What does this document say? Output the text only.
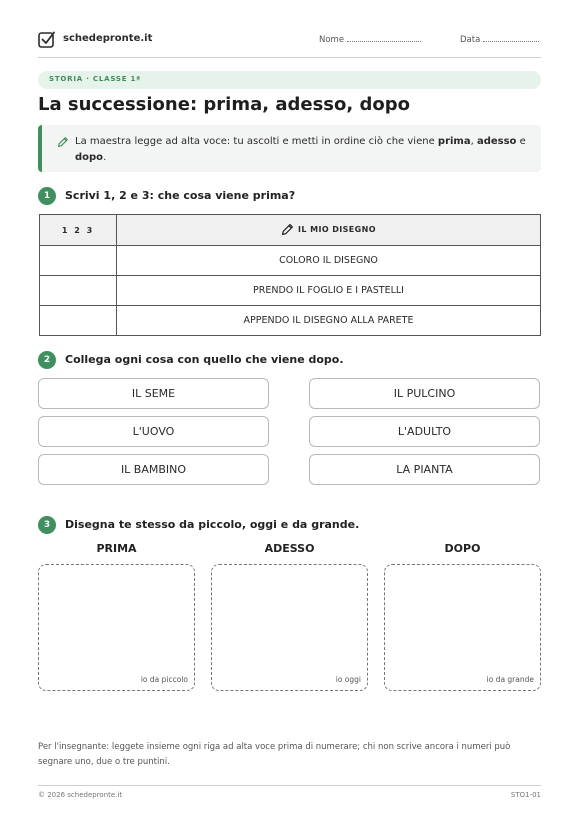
schedepronte.it	Nome	Data
STORIA · CLASSE 1ª
La successione: prima, adesso, dopo

La maestra legge ad alta voce: tu ascolti e metti in ordine ciò che viene prima, adesso e dopo.

1	Scrivi 1, 2 e 3: che cosa viene prima?
1 2 3	IL MIO DISEGNO

	COLORO IL DISEGNO
	PRENDO IL FOGLIO E I PASTELLI
	APPENDO IL DISEGNO ALLA PARETE
2	Collega ogni cosa con quello che viene dopo.
IL SEME
L'UOVO
IL BAMBINO
IL PULCINO
L'ADULTO
LA PIANTA
3	Disegna te stesso da piccolo, oggi e da grande.
PRIMA	ADESSO	DOPO
io da piccolo	io oggi	io da grande
Per l'insegnante: leggete insieme ogni riga ad alta voce prima di numerare; chi non scrive ancora i numeri può segnare uno, due o tre puntini.
© 2026 schedepronte.it	STO1-01
